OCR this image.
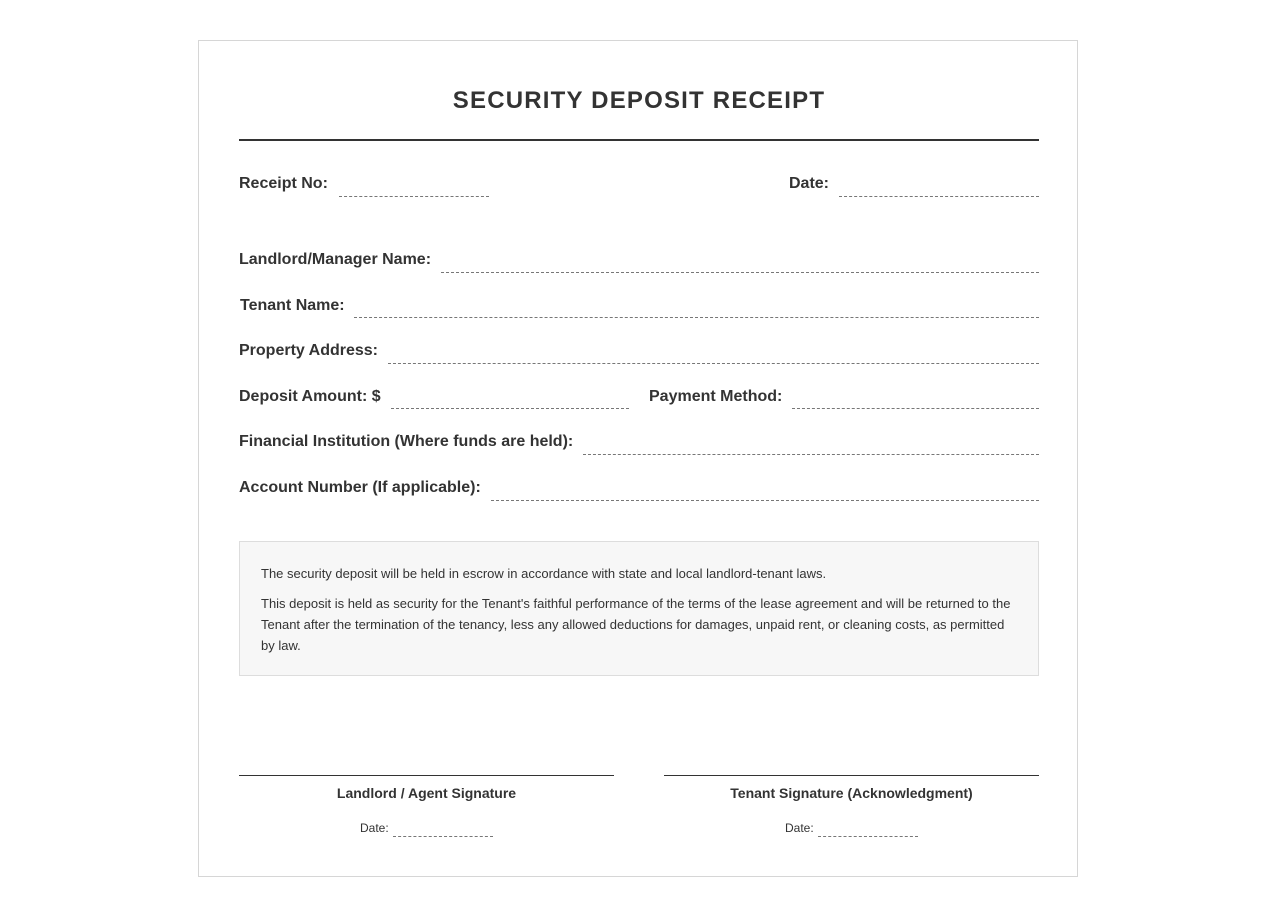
SECURITY DEPOSIT RECEIPT
Receipt No:	Date:
Landlord/Manager Name:
Tenant Name:
Property Address:
Deposit Amount: $	Payment Method:
Financial Institution (Where funds are held):
Account Number (If applicable):

The security deposit will be held in escrow in accordance with state and local landlord-tenant laws.

This deposit is held as security for the Tenant's faithful performance of the terms of the lease agreement and will be returned to the Tenant after the termination of the tenancy, less any allowed deductions for damages, unpaid rent, or cleaning costs, as permitted by law.

Landlord / Agent Signature
Date:
Tenant Signature (Acknowledgment)
Date:
